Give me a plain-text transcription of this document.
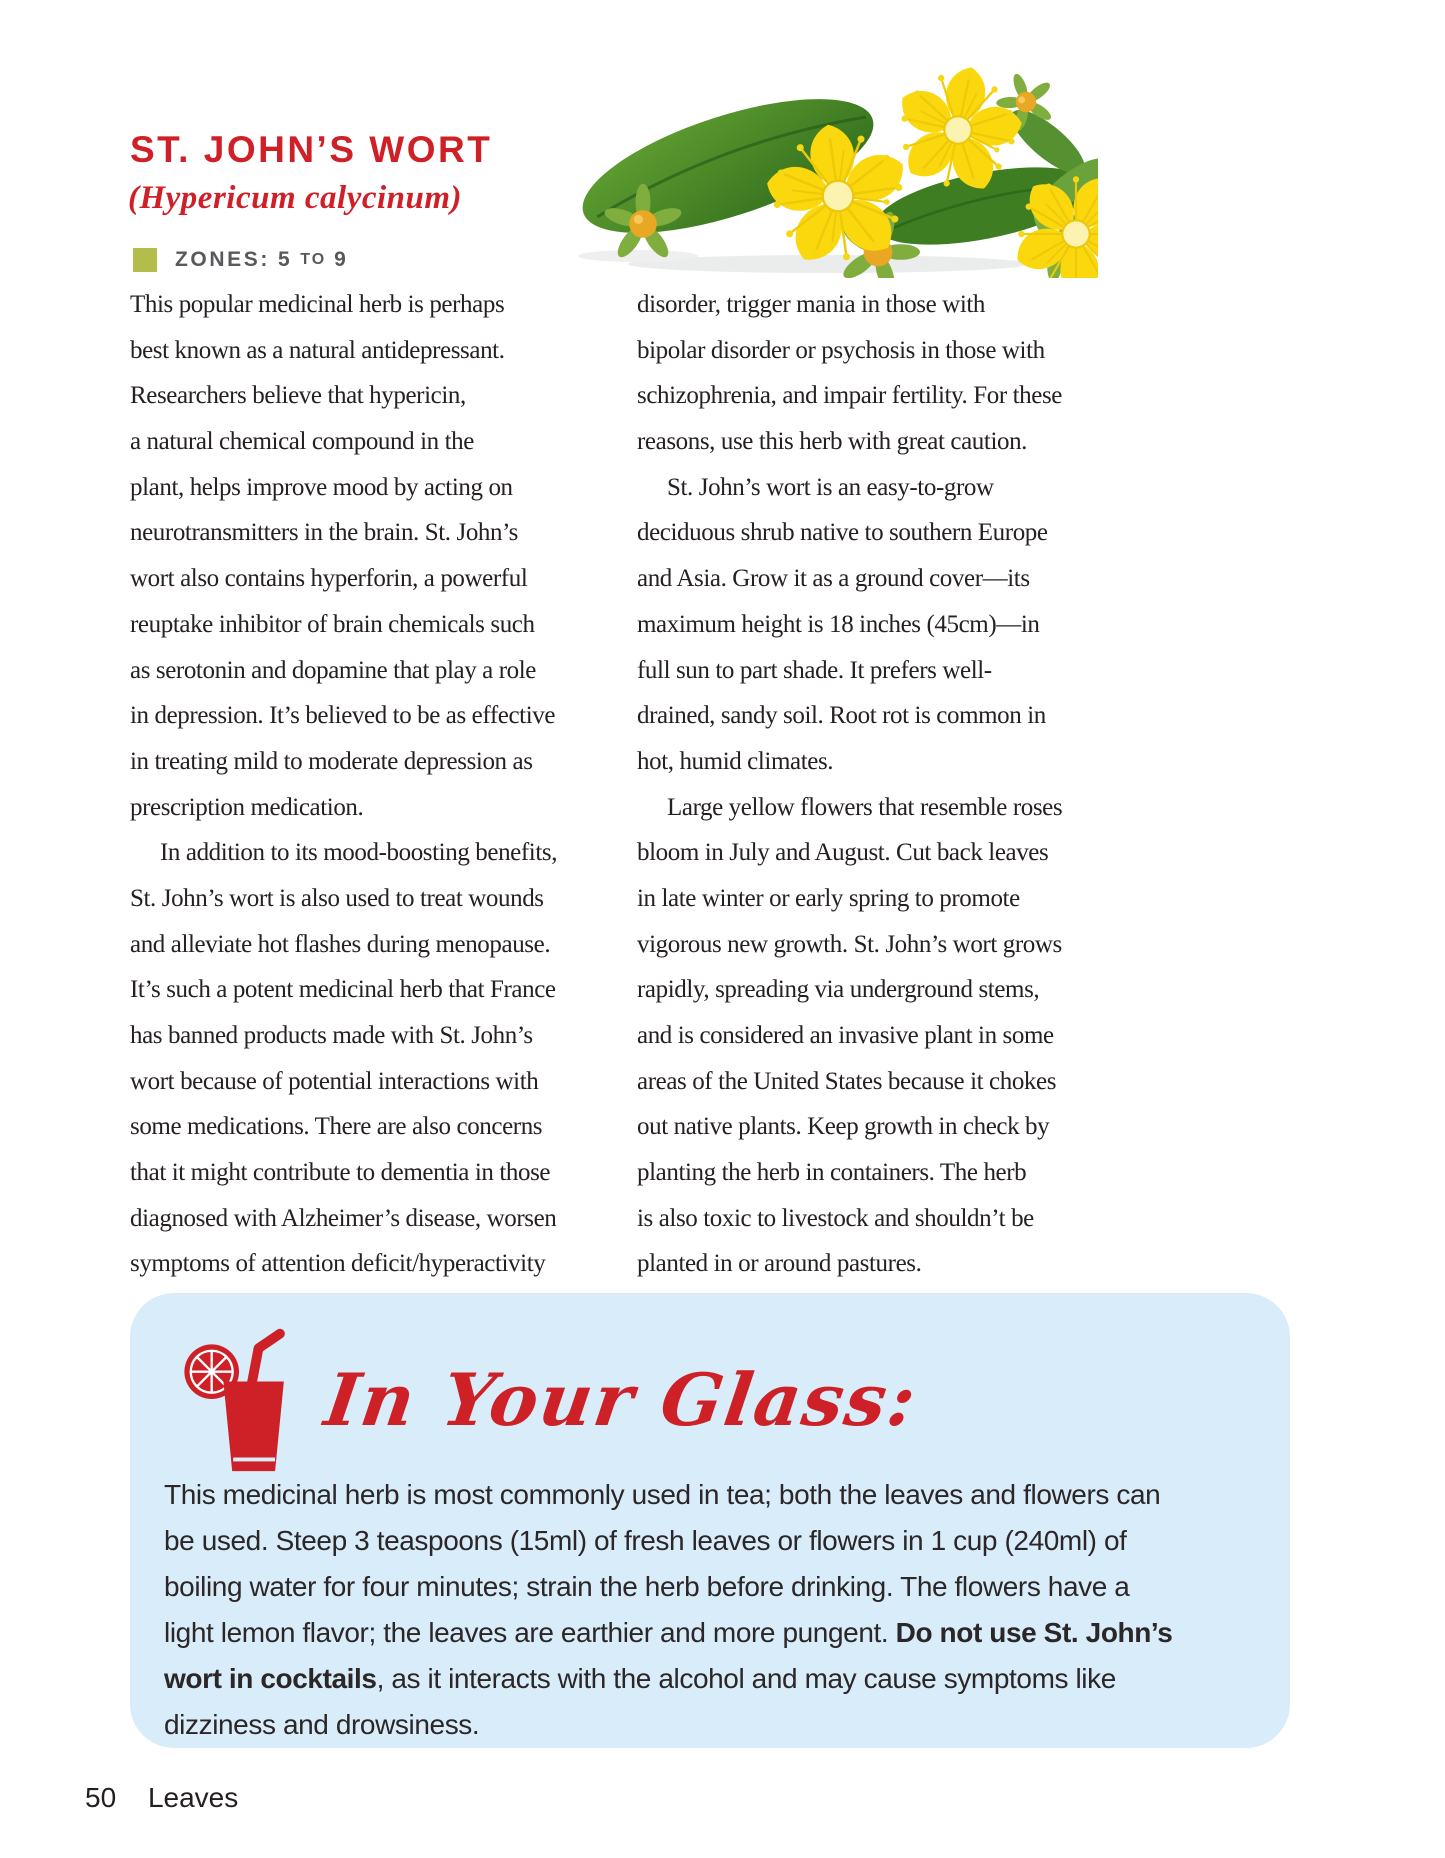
ST. JOHN’S WORT
(Hypericum calycinum)
ZONES: 5 TO 9
This popular medicinal herb is perhaps
best known as a natural antidepressant.
Researchers believe that hypericin,
a natural chemical compound in the
plant, helps improve mood by acting on
neurotransmitters in the brain. St. John’s
wort also contains hyperforin, a powerful
reuptake inhibitor of brain chemicals such
as serotonin and dopamine that play a role
in depression. It’s believed to be as effective
in treating mild to moderate depression as
prescription medication.
In addition to its mood-boosting benefits,
St. John’s wort is also used to treat wounds
and alleviate hot flashes during menopause.
It’s such a potent medicinal herb that France
has banned products made with St. John’s
wort because of potential interactions with
some medications. There are also concerns
that it might contribute to dementia in those
diagnosed with Alzheimer’s disease, worsen
symptoms of attention deficit/hyperactivity
disorder, trigger mania in those with
bipolar disorder or psychosis in those with
schizophrenia, and impair fertility. For these
reasons, use this herb with great caution.
St. John’s wort is an easy-to-grow
deciduous shrub native to southern Europe
and Asia. Grow it as a ground cover—its
maximum height is 18 inches (45cm)—in
full sun to part shade. It prefers well-
drained, sandy soil. Root rot is common in
hot, humid climates.
Large yellow flowers that resemble roses
bloom in July and August. Cut back leaves
in late winter or early spring to promote
vigorous new growth. St. John’s wort grows
rapidly, spreading via underground stems,
and is considered an invasive plant in some
areas of the United States because it chokes
out native plants. Keep growth in check by
planting the herb in containers. The herb
is also toxic to livestock and shouldn’t be
planted in or around pastures.
In Your Glass:
This medicinal herb is most commonly used in tea; both the leaves and flowers can
be used. Steep 3 teaspoons (15ml) of fresh leaves or flowers in 1 cup (240ml) of
boiling water for four minutes; strain the herb before drinking. The flowers have a
light lemon flavor; the leaves are earthier and more pungent. Do not use St. John’s
wort in cocktails, as it interacts with the alcohol and may cause symptoms like
dizziness and drowsiness.
50 Leaves
